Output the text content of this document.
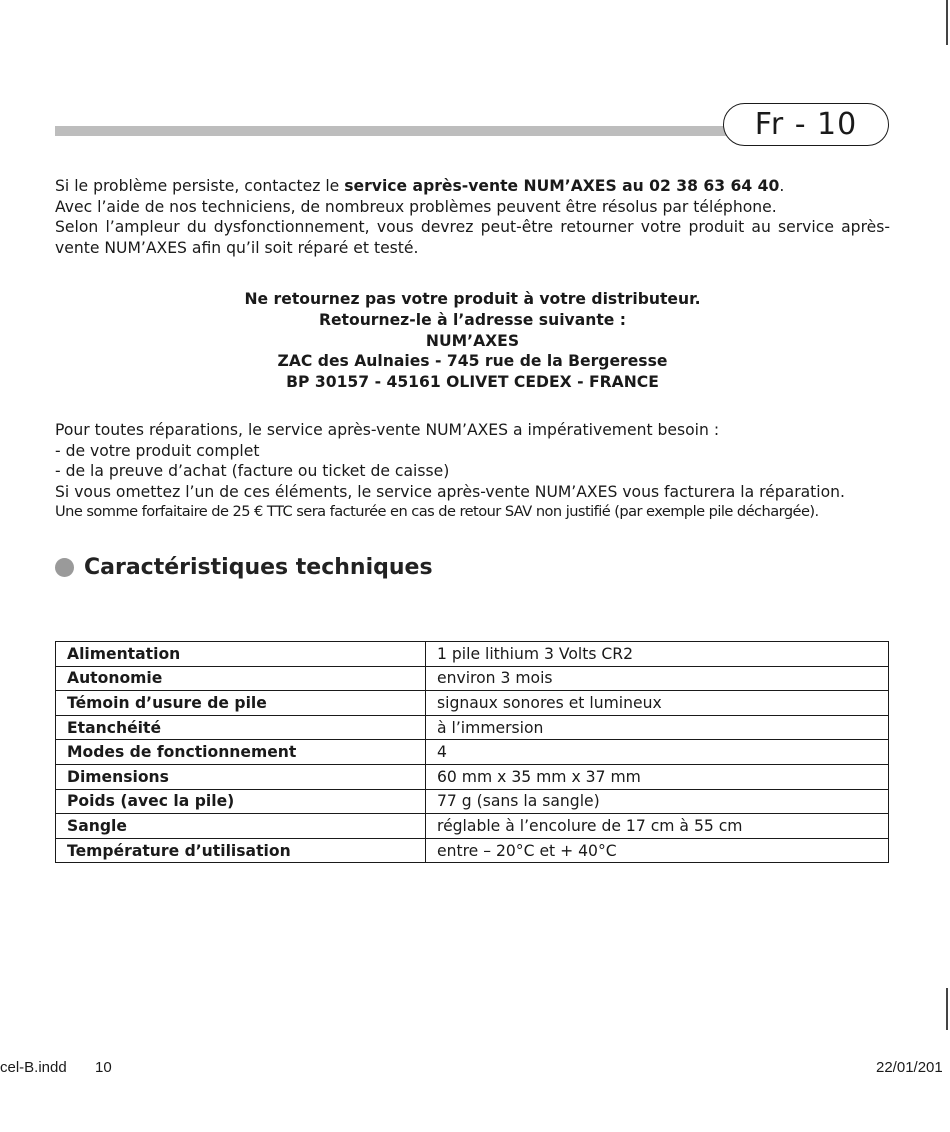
Fr - 10

Si le problème persiste, contactez le service après-vente NUM’AXES au 02 38 63 64 40.

Avec l’aide de nos techniciens, de nombreux problèmes peuvent être résolus par téléphone.

Selon l’ampleur du dysfonctionnement, vous devrez peut-être retourner votre produit au service après-vente NUM’AXES afin qu’il soit réparé et testé.

Ne retournez pas votre produit à votre distributeur.
Retournez-le à l’adresse suivante :
NUM’AXES
ZAC des Aulnaies - 745 rue de la Bergeresse
BP 30157 - 45161 OLIVET CEDEX - FRANCE

Pour toutes réparations, le service après-vente NUM’AXES a impérativement besoin :

- de votre produit complet

- de la preuve d’achat (facture ou ticket de caisse)

Si vous omettez l’un de ces éléments, le service après-vente NUM’AXES vous facturera la réparation.

Une somme forfaitaire de 25 € TTC sera facturée en cas de retour SAV non justifié (par exemple pile déchargée).

Caractéristiques techniques
Alimentation	1 pile lithium 3 Volts CR2
Autonomie	environ 3 mois
Témoin d’usure de pile	signaux sonores et lumineux
Etanchéité	à l’immersion
Modes de fonctionnement	4
Dimensions	60 mm x 35 mm x 37 mm
Poids (avec la pile)	77 g (sans la sangle)
Sangle	réglable à l’encolure de 17 cm à 55 cm
Température d’utilisation	entre – 20°C et + 40°C
cel-B.indd 10	22/01/201
